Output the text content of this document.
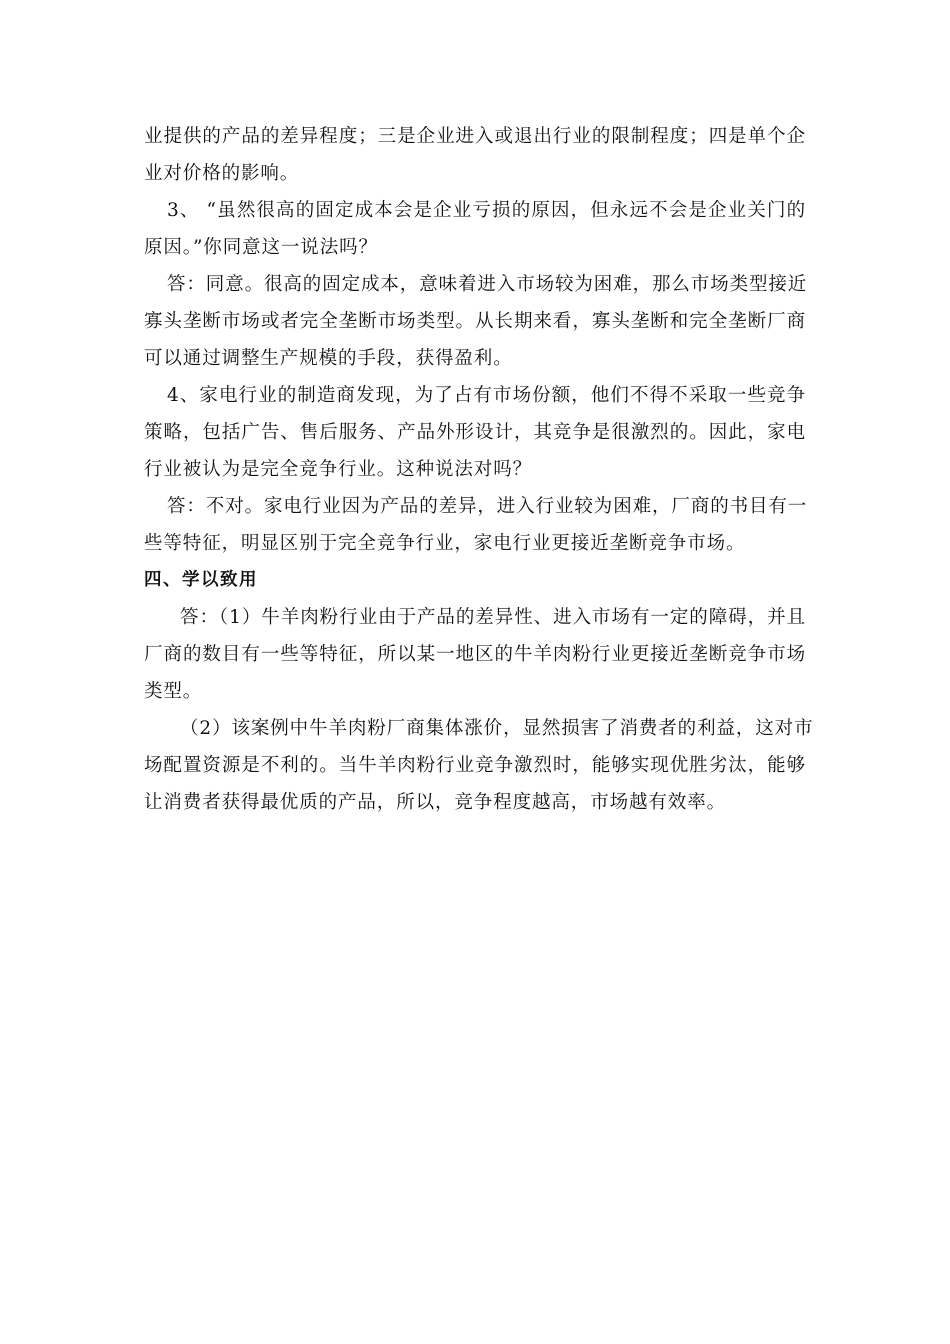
业提供的产品的差异程度；三是企业进入或退出行业的限制程度；四是单个企
业对价格的影响。
3、 “虽然很高的固定成本会是企业亏损的原因，但永远不会是企业关门的
原因。”你同意这一说法吗？
答：同意。很高的固定成本，意味着进入市场较为困难，那么市场类型接近
寡头垄断市场或者完全垄断市场类型。从长期来看，寡头垄断和完全垄断厂商
可以通过调整生产规模的手段，获得盈利。
4、家电行业的制造商发现，为了占有市场份额，他们不得不采取一些竞争
策略，包括广告、售后服务、产品外形设计，其竞争是很激烈的。因此，家电
行业被认为是完全竞争行业。这种说法对吗？
答：不对。家电行业因为产品的差异，进入行业较为困难，厂商的书目有一
些等特征，明显区别于完全竞争行业，家电行业更接近垄断竞争市场。
四、学以致用
答：（1）牛羊肉粉行业由于产品的差异性、进入市场有一定的障碍，并且
厂商的数目有一些等特征，所以某一地区的牛羊肉粉行业更接近垄断竞争市场
类型。
（2）该案例中牛羊肉粉厂商集体涨价，显然损害了消费者的利益，这对市
场配置资源是不利的。当牛羊肉粉行业竞争激烈时，能够实现优胜劣汰，能够
让消费者获得最优质的产品，所以，竞争程度越高，市场越有效率。
